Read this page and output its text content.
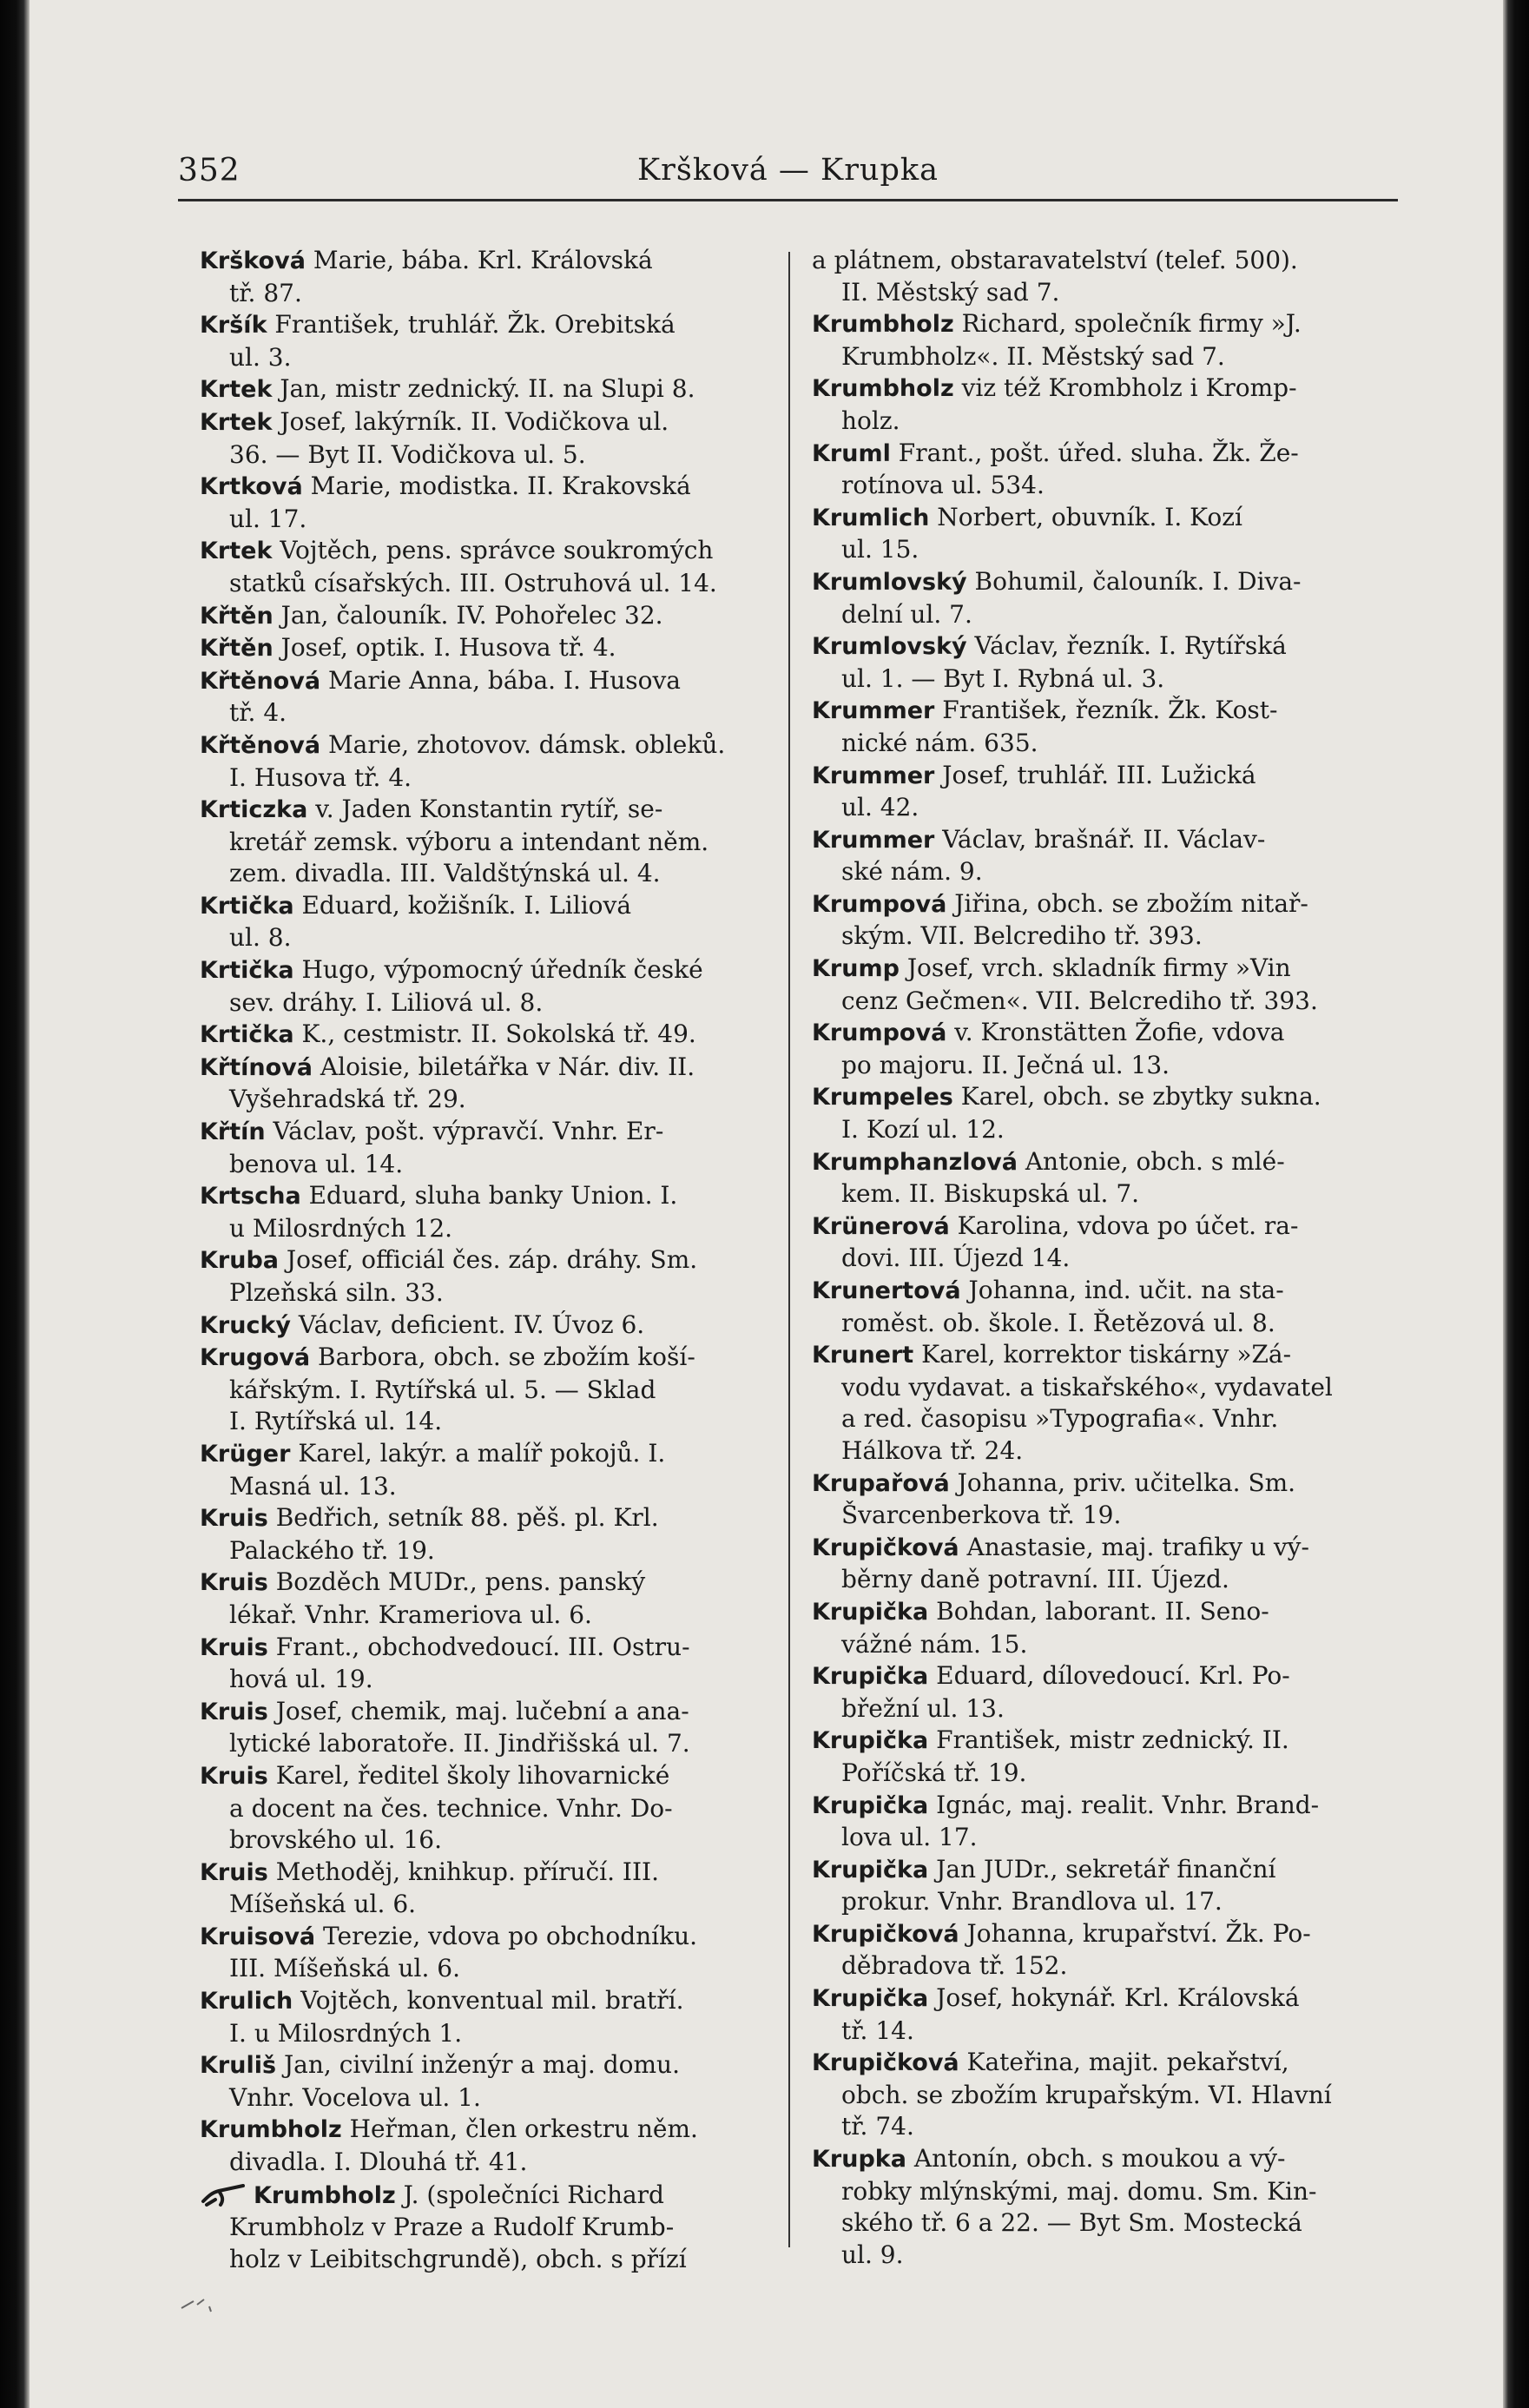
352	Kršková — Krupka
Kršková Marie, bába. Krl. Královská
tř. 87.
Kršík František, truhlář. Žk. Orebitská
ul. 3.
Krtek Jan, mistr zednický. II. na Slupi 8.
Krtek Josef, lakýrník. II. Vodičkova ul.
36. — Byt II. Vodičkova ul. 5.
Krtková Marie, modistka. II. Krakovská
ul. 17.
Krtek Vojtěch, pens. správce soukromých
statků císařských. III. Ostruhová ul. 14.
Křtěn Jan, čalouník. IV. Pohořelec 32.
Křtěn Josef, optik. I. Husova tř. 4.
Křtěnová Marie Anna, bába. I. Husova
tř. 4.
Křtěnová Marie, zhotovov. dámsk. obleků.
I. Husova tř. 4.
Krticzka v. Jaden Konstantin rytíř, se-
kretář zemsk. výboru a intendant něm.
zem. divadla. III. Valdštýnská ul. 4.
Krtička Eduard, kožišník. I. Liliová
ul. 8.
Krtička Hugo, výpomocný úředník české
sev. dráhy. I. Liliová ul. 8.
Krtička K., cestmistr. II. Sokolská tř. 49.
Křtínová Aloisie, biletářka v Nár. div. II.
Vyšehradská tř. 29.
Křtín Václav, pošt. výpravčí. Vnhr. Er-
benova ul. 14.
Krtscha Eduard, sluha banky Union. I.
u Milosrdných 12.
Kruba Josef, officiál čes. záp. dráhy. Sm.
Plzeňská siln. 33.
Krucký Václav, deficient. IV. Úvoz 6.
Krugová Barbora, obch. se zbožím koší-
kářským. I. Rytířská ul. 5. — Sklad
I. Rytířská ul. 14.
Krüger Karel, lakýr. a malíř pokojů. I.
Masná ul. 13.
Kruis Bedřich, setník 88. pěš. pl. Krl.
Palackého tř. 19.
Kruis Bozděch MUDr., pens. panský
lékař. Vnhr. Krameriova ul. 6.
Kruis Frant., obchodvedoucí. III. Ostru-
hová ul. 19.
Kruis Josef, chemik, maj. lučební a ana-
lytické laboratoře. II. Jindřišská ul. 7.
Kruis Karel, ředitel školy lihovarnické
a docent na čes. technice. Vnhr. Do-
brovského ul. 16.
Kruis Methoděj, knihkup. příručí. III.
Míšeňská ul. 6.
Kruisová Terezie, vdova po obchodníku.
III. Míšeňská ul. 6.
Krulich Vojtěch, konventual mil. bratří.
I. u Milosrdných 1.
Kruliš Jan, civilní inženýr a maj. domu.
Vnhr. Vocelova ul. 1.
Krumbholz Heřman, člen orkestru něm.
divadla. I. Dlouhá tř. 41.
Krumbholz J. (společníci Richard
Krumbholz v Praze a Rudolf Krumb-
holz v Leibitschgrundě), obch. s přízí
a plátnem, obstaravatelství (telef. 500).
II. Městský sad 7.
Krumbholz Richard, společník firmy »J.
Krumbholz«. II. Městský sad 7.
Krumbholz viz též Krombholz i Kromp-
holz.
Kruml Frant., pošt. úřed. sluha. Žk. Že-
rotínova ul. 534.
Krumlich Norbert, obuvník. I. Kozí
ul. 15.
Krumlovský Bohumil, čalouník. I. Diva-
delní ul. 7.
Krumlovský Václav, řezník. I. Rytířská
ul. 1. — Byt I. Rybná ul. 3.
Krummer František, řezník. Žk. Kost-
nické nám. 635.
Krummer Josef, truhlář. III. Lužická
ul. 42.
Krummer Václav, brašnář. II. Václav-
ské nám. 9.
Krumpová Jiřina, obch. se zbožím nitař-
ským. VII. Belcrediho tř. 393.
Krump Josef, vrch. skladník firmy »Vin
cenz Gečmen«. VII. Belcrediho tř. 393.
Krumpová v. Kronstätten Žofie, vdova
po majoru. II. Ječná ul. 13.
Krumpeles Karel, obch. se zbytky sukna.
I. Kozí ul. 12.
Krumphanzlová Antonie, obch. s mlé-
kem. II. Biskupská ul. 7.
Krünerová Karolina, vdova po účet. ra-
dovi. III. Újezd 14.
Krunertová Johanna, ind. učit. na sta-
roměst. ob. škole. I. Řetězová ul. 8.
Krunert Karel, korrektor tiskárny »Zá-
vodu vydavat. a tiskařského«, vydavatel
a red. časopisu »Typografia«. Vnhr.
Hálkova tř. 24.
Krupařová Johanna, priv. učitelka. Sm.
Švarcenberkova tř. 19.
Krupičková Anastasie, maj. trafiky u vý-
běrny daně potravní. III. Újezd.
Krupička Bohdan, laborant. II. Seno-
vážné nám. 15.
Krupička Eduard, dílovedoucí. Krl. Po-
břežní ul. 13.
Krupička František, mistr zednický. II.
Poříčská tř. 19.
Krupička Ignác, maj. realit. Vnhr. Brand-
lova ul. 17.
Krupička Jan JUDr., sekretář finanční
prokur. Vnhr. Brandlova ul. 17.
Krupičková Johanna, krupařství. Žk. Po-
děbradova tř. 152.
Krupička Josef, hokynář. Krl. Královská
tř. 14.
Krupičková Kateřina, majit. pekařství,
obch. se zbožím krupařským. VI. Hlavní
tř. 74.
Krupka Antonín, obch. s moukou a vý-
robky mlýnskými, maj. domu. Sm. Kin-
ského tř. 6 a 22. — Byt Sm. Mostecká
ul. 9.
